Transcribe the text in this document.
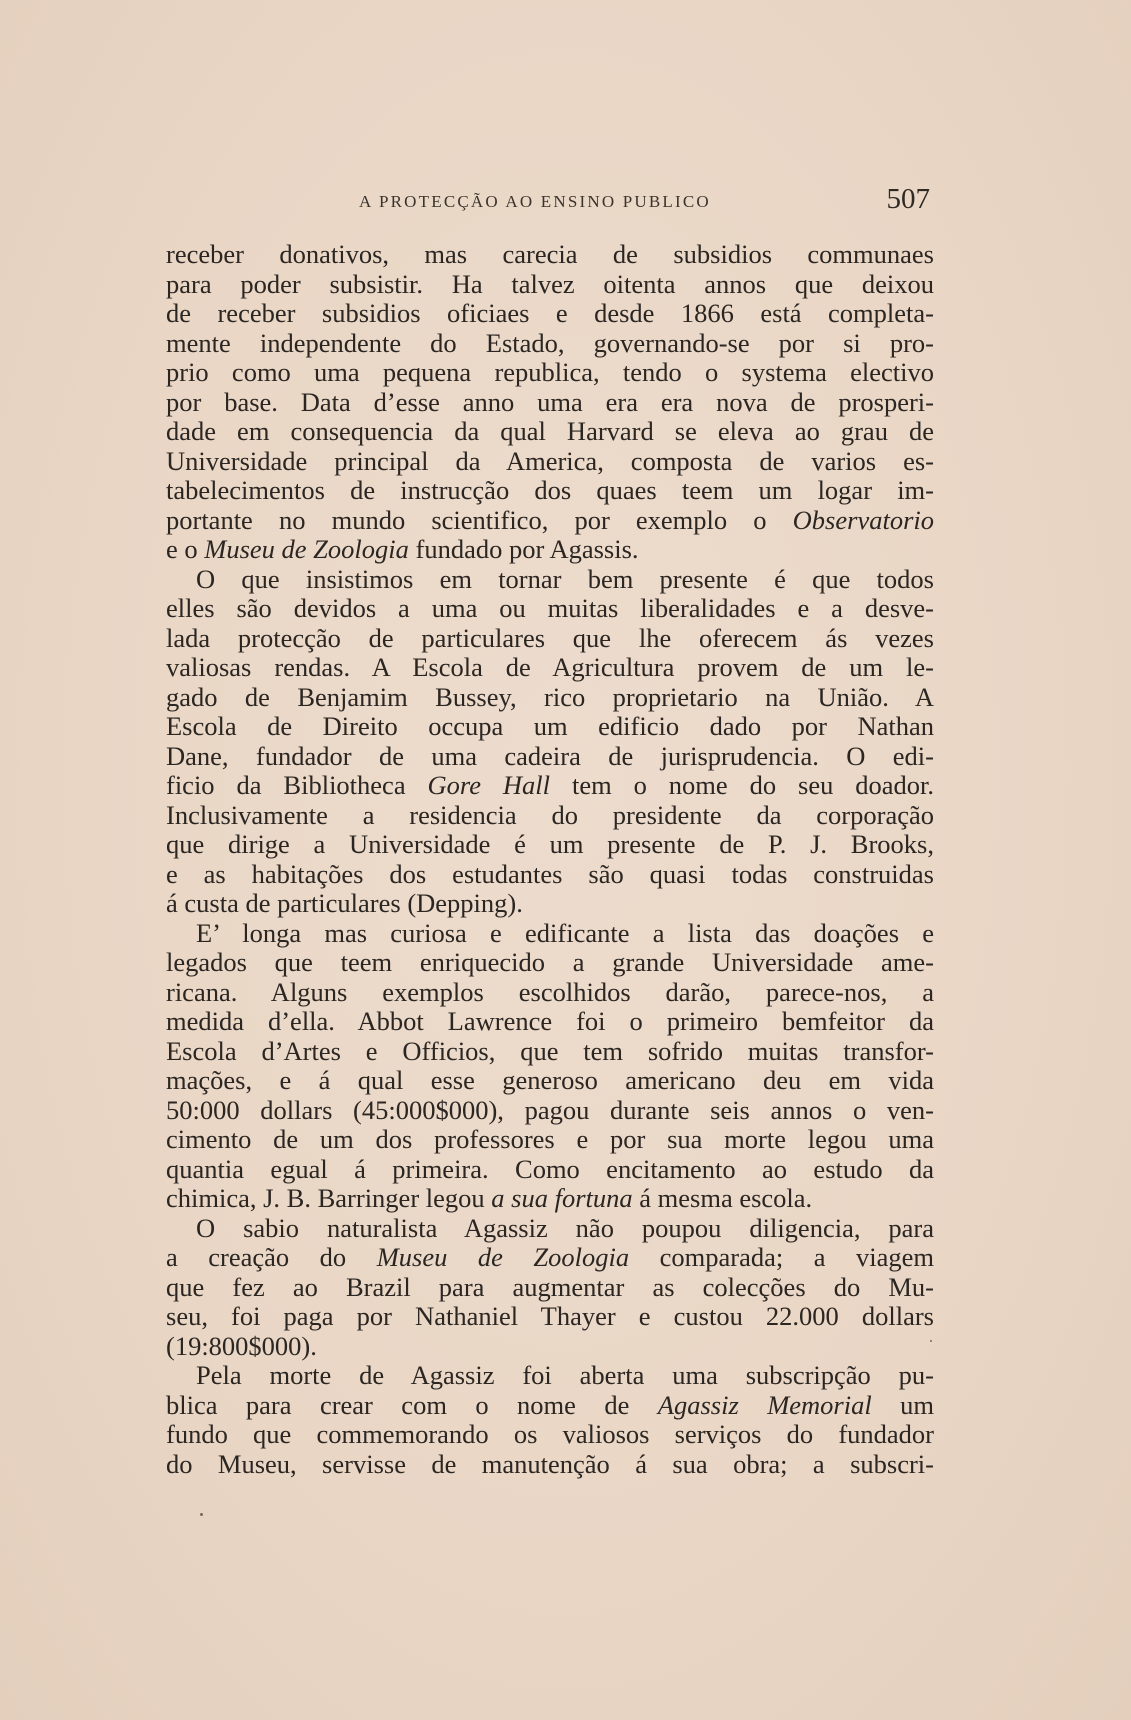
A PROTECÇÃO AO ENSINO PUBLICO	507
receber donativos, mas carecia de subsidios communaes
para poder subsistir. Ha talvez oitenta annos que deixou
de receber subsidios oficiaes e desde 1866 está completa-
mente independente do Estado, governando-se por si pro-
prio como uma pequena republica, tendo o systema electivo
por base. Data d’esse anno uma era era nova de prosperi-
dade em consequencia da qual Harvard se eleva ao grau de
Universidade principal da America, composta de varios es-
tabelecimentos de instrucção dos quaes teem um logar im-
portante no mundo scientifico, por exemplo o Observatorio
e o Museu de Zoologia fundado por Agassis.
O que insistimos em tornar bem presente é que todos
elles são devidos a uma ou muitas liberalidades e a desve-
lada protecção de particulares que lhe oferecem ás vezes
valiosas rendas. A Escola de Agricultura provem de um le-
gado de Benjamim Bussey, rico proprietario na União. A
Escola de Direito occupa um edificio dado por Nathan
Dane, fundador de uma cadeira de jurisprudencia. O edi-
ficio da Bibliotheca Gore Hall tem o nome do seu doador.
Inclusivamente a residencia do presidente da corporação
que dirige a Universidade é um presente de P. J. Brooks,
e as habitações dos estudantes são quasi todas construidas
á custa de particulares (Depping).
E’ longa mas curiosa e edificante a lista das doações e
legados que teem enriquecido a grande Universidade ame-
ricana. Alguns exemplos escolhidos darão, parece-nos, a
medida d’ella. Abbot Lawrence foi o primeiro bemfeitor da
Escola d’Artes e Officios, que tem sofrido muitas transfor-
mações, e á qual esse generoso americano deu em vida
50:000 dollars (45:000$000), pagou durante seis annos o ven-
cimento de um dos professores e por sua morte legou uma
quantia egual á primeira. Como encitamento ao estudo da
chimica, J. B. Barringer legou a sua fortuna á mesma escola.
O sabio naturalista Agassiz não poupou diligencia, para
a creação do Museu de Zoologia comparada; a viagem
que fez ao Brazil para augmentar as colecções do Mu-
seu, foi paga por Nathaniel Thayer e custou 22.000 dollars
(19:800$000).
Pela morte de Agassiz foi aberta uma subscripção pu-
blica para crear com o nome de Agassiz Memorial um
fundo que commemorando os valiosos serviços do fundador
do Museu, servisse de manutenção á sua obra; a subscri-
